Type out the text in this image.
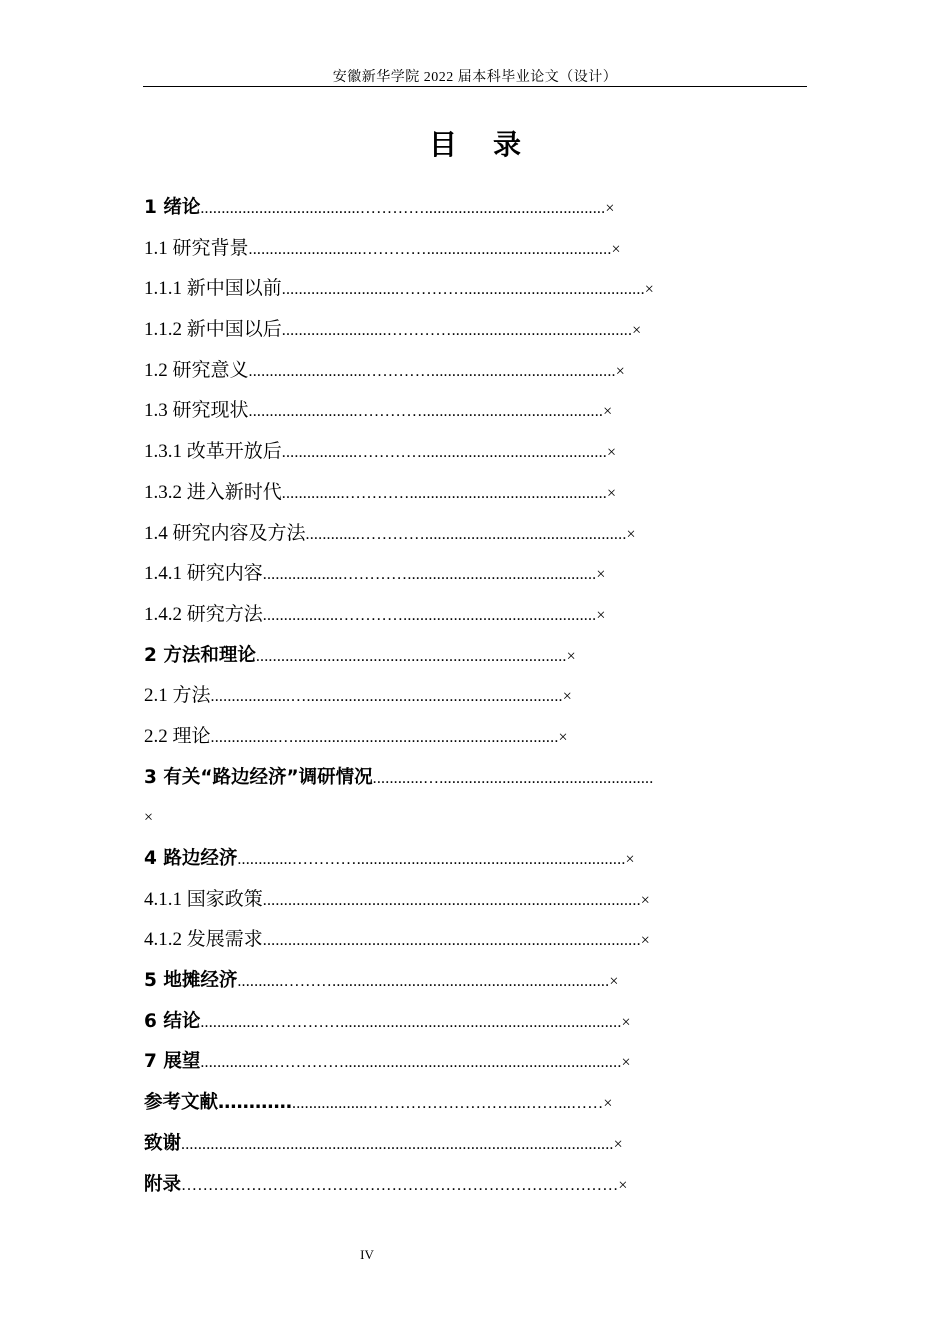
安徽新华学院 2022 届本科毕业论文（设计）
目录
1 绪论......................................…………...........................................×
1.1 研究背景...........................…………............................................×
1.1.1 新中国以前............................…………...........................................×
1.1.2 新中国以后.........................…………...........................................×
1.2 研究意义............................…………............................................×
1.3 研究现状..........................…………...........................................×
1.3.1 改革开放后..................…………............................................×
1.3.2 进入新时代...............…………...............................................×
1.4 研究内容及方法.............…………................................................×
1.4.1 研究内容...................………….............................................×
1.4.2 研究方法..................…………..............................................×
2 方法和理论..........................................................................×
2.1 方法...................….............................................................×
2.2 理论................…...............................................................×
3 有关“路边经济”调研情况............…...................................................
×
4 路边经济.............…………................................................................×
4.1.1 国家政策..........................................................................................×
4.1.2 发展需求..........................................................................................×
5 地摊经济...........………..................................................................×
6 结论..............……………...................................................................×
7 展望...............……………..................................................................×
参考文献…………..................………………………...……...……×
致谢.......................................................................................................×
附录………………………………………………………………………×
IV
